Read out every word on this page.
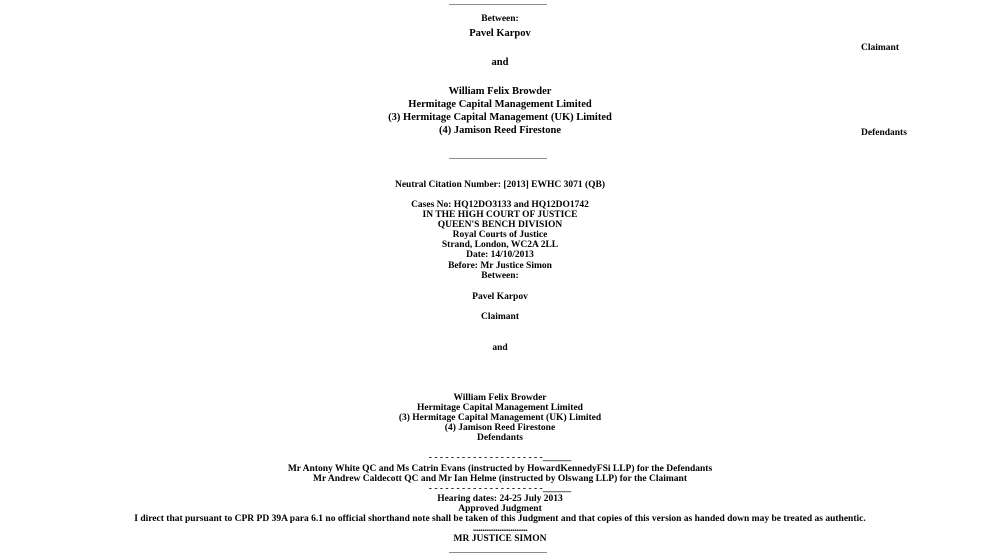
Between:
Pavel Karpov
Claimant
and
William Felix Browder
Hermitage Capital Management Limited
(3) Hermitage Capital Management (UK) Limited
(4) Jamison Reed Firestone	Defendants
Neutral Citation Number: [2013] EWHC 3071 (QB)
Cases No: HQ12DO3133 and HQ12DO1742
IN THE HIGH COURT OF JUSTICE
QUEEN'S BENCH DIVISION
Royal Courts of Justice
Strand, London, WC2A 2LL
Date: 14/10/2013
Before: Mr Justice Simon
Between:
Pavel Karpov
Claimant
and
William Felix Browder
Hermitage Capital Management Limited
(3) Hermitage Capital Management (UK) Limited
(4) Jamison Reed Firestone
Defendants
- - - - - - - - - - - - - - - - - - - - -______
Mr Antony White QC and Ms Catrin Evans (instructed by HowardKennedyFSi LLP) for the Defendants
Mr Andrew Caldecott QC and Mr Ian Helme (instructed by Olswang LLP) for the Claimant
- - - - - - - - - - - - - - - - - - - - -______
Hearing dates: 24-25 July 2013
Approved Judgment
I direct that pursuant to CPR PD 39A para 6.1 no official shorthand note shall be taken of this Judgment and that copies of this version as handed down may be treated as authentic.
.............................
MR JUSTICE SIMON
